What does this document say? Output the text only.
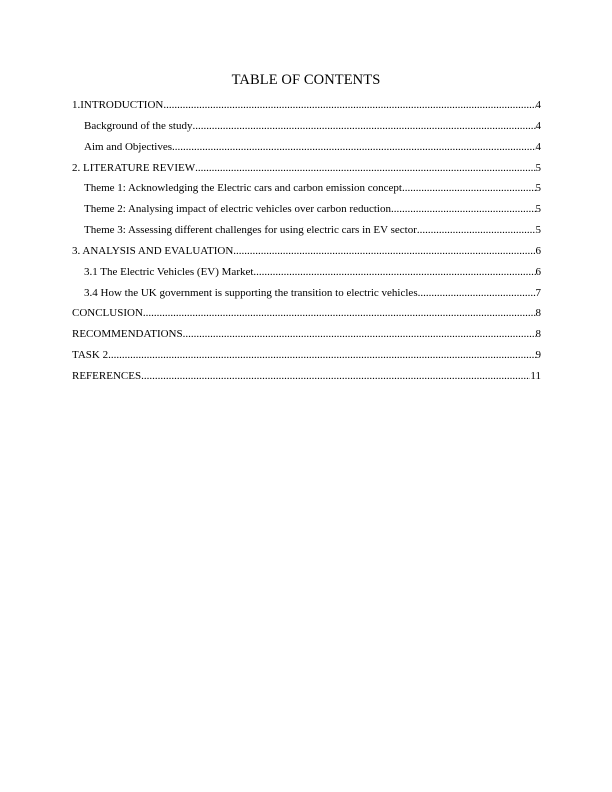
TABLE OF CONTENTS
1.INTRODUCTION .....	4
Background of the study .....	4
Aim and Objectives .....	4
2. LITERATURE REVIEW .....	5
Theme 1: Acknowledging the Electric cars and carbon emission concept .....	5
Theme 2: Analysing impact of electric vehicles over carbon reduction .....	5
Theme 3: Assessing different challenges for using electric cars in EV sector .....	5
3. ANALYSIS AND EVALUATION .....	6
3.1 The Electric Vehicles (EV) Market .....	6
3.4 How the UK government is supporting the transition to electric vehicles .....	7
CONCLUSION .....	8
RECOMMENDATIONS .....	8
TASK 2 .....	9
REFERENCES .....	11
